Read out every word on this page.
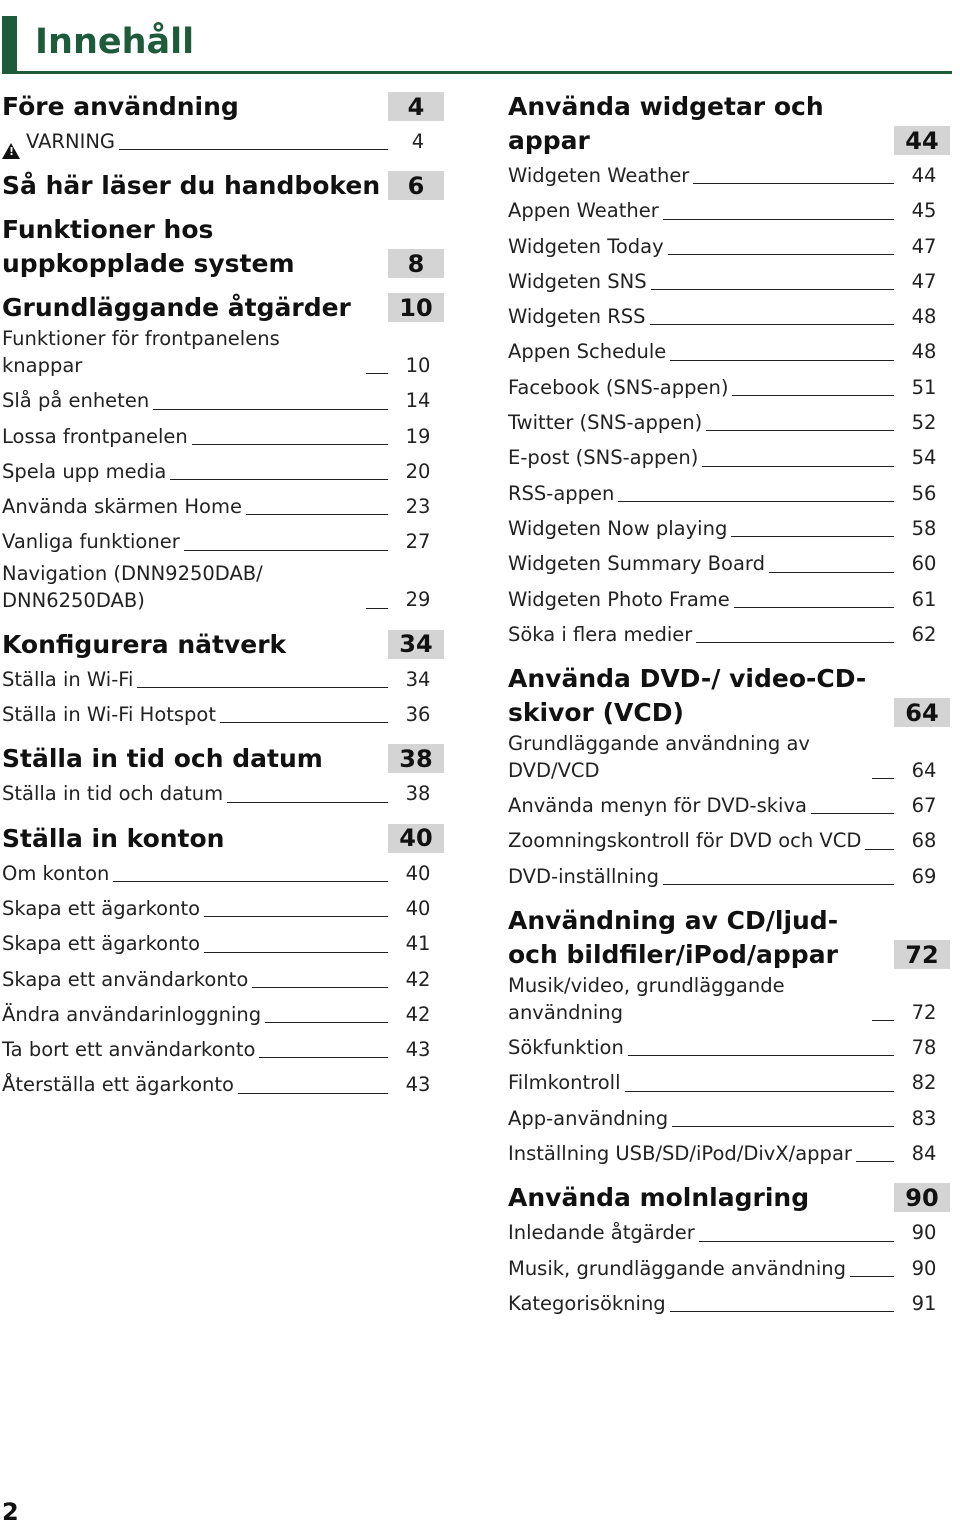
Innehåll
Före användning	4
!
VARNING	4
Så här läser du handboken	6
Funktioner hos uppkopplade system	8
Grundläggande åtgärder	10
Funktioner för frontpanelens knappar	10
Slå på enheten	14
Lossa frontpanelen	19
Spela upp media	20
Använda skärmen Home	23
Vanliga funktioner	27
Navigation (DNN9250DAB/ DNN6250DAB)	29
Konfigurera nätverk	34
Ställa in Wi-Fi	34
Ställa in Wi-Fi Hotspot	36
Ställa in tid och datum	38
Ställa in tid och datum	38
Ställa in konton	40
Om konton	40
Skapa ett ägarkonto	40
Skapa ett ägarkonto	41
Skapa ett användarkonto	42
Ändra användarinloggning	42
Ta bort ett användarkonto	43
Återställa ett ägarkonto	43
Använda widgetar och appar	44
Widgeten Weather	44
Appen Weather	45
Widgeten Today	47
Widgeten SNS	47
Widgeten RSS	48
Appen Schedule	48
Facebook (SNS-appen)	51
Twitter (SNS-appen)	52
E-post (SNS-appen)	54
RSS-appen	56
Widgeten Now playing	58
Widgeten Summary Board	60
Widgeten Photo Frame	61
Söka i flera medier	62
Använda DVD-/ video-CD-skivor (VCD)	64
Grundläggande användning av DVD/VCD	64
Använda menyn för DVD-skiva	67
Zoomningskontroll för DVD och VCD	68
DVD-inställning	69
Användning av CD/ljud- och bildfiler/iPod/appar	72
Musik/video, grundläggande användning	72
Sökfunktion	78
Filmkontroll	82
App-användning	83
Inställning USB/SD/iPod/DivX/appar	84
Använda molnlagring	90
Inledande åtgärder	90
Musik, grundläggande användning	90
Kategorisökning	91
2
